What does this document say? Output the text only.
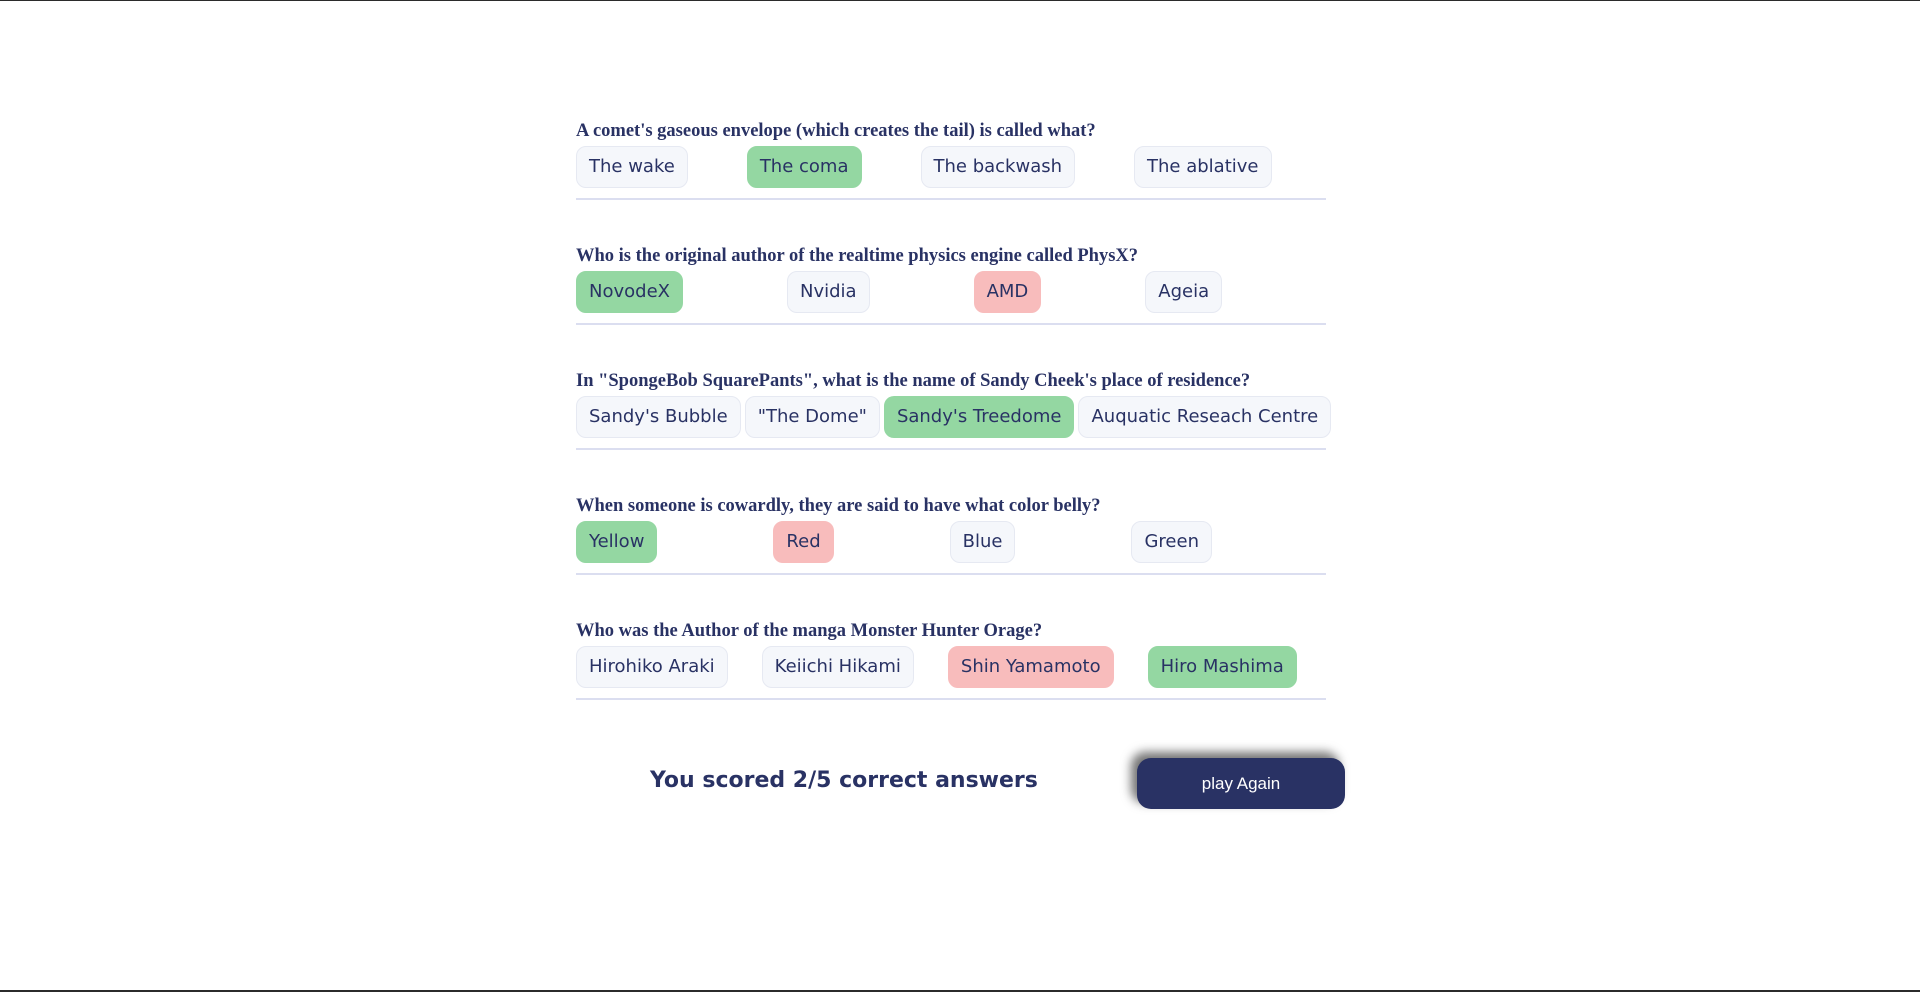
A comet's gaseous envelope (which creates the tail) is called what?
The wake	The coma	The backwash	The ablative
Who is the original author of the realtime physics engine called PhysX?
NovodeX	Nvidia	AMD	Ageia
In "SpongeBob SquarePants", what is the name of Sandy Cheek's place of residence?
Sandy's Bubble	"The Dome"	Sandy's Treedome	Auquatic Reseach Centre
When someone is cowardly, they are said to have what color belly?
Yellow	Red	Blue	Green
Who was the Author of the manga Monster Hunter Orage?
Hirohiko Araki	Keiichi Hikami	Shin Yamamoto	Hiro Mashima
You scored 2/5 correct answers	play Again
